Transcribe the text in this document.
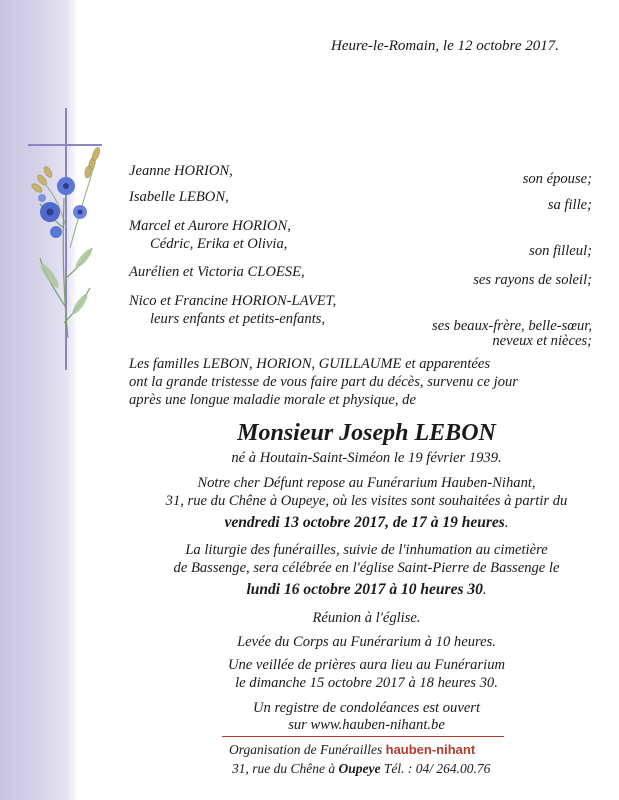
Heure-le-Romain, le 12 octobre 2017.
Jeanne HORION,	son épouse;
Isabelle LEBON,	sa fille;
Marcel et Aurore HORION,
Cédric, Erika et Olivia,	son filleul;
Aurélien et Victoria CLOESE,	ses rayons de soleil;
Nico et Francine HORION-LAVET,
leurs enfants et petits-enfants,	ses beaux-frère, belle-sœur,
neveux et nièces;
Les familles LEBON, HORION, GUILLAUME et apparentées
ont la grande tristesse de vous faire part du décès, survenu ce jour
après une longue maladie morale et physique, de
Monsieur Joseph LEBON
né à Houtain-Saint-Siméon le 19 février 1939.
Notre cher Défunt repose au Funérarium Hauben-Nihant,
31, rue du Chêne à Oupeye, où les visites sont souhaitées à partir du
vendredi 13 octobre 2017, de 17 à 19 heures.
La liturgie des funérailles, suivie de l'inhumation au cimetière
de Bassenge, sera célébrée en l'église Saint-Pierre de Bassenge le
lundi 16 octobre 2017 à 10 heures 30.
Réunion à l'église.
Levée du Corps au Funérarium à 10 heures.
Une veillée de prières aura lieu au Funérarium
le dimanche 15 octobre 2017 à 18 heures 30.
Un registre de condoléances est ouvert
sur www.hauben-nihant.be
Organisation de Funérailles hauben-nihant
31, rue du Chêne à Oupeye Tél. : 04/ 264.00.76
